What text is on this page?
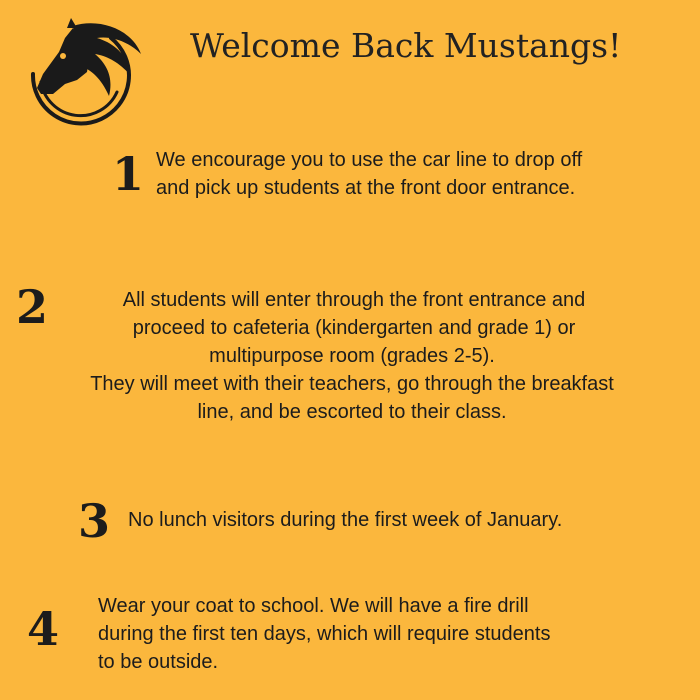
Welcome Back Mustangs!
1 We encourage you to use the car line to drop off
and pick up students at the front door entrance.
2	All students will enter through the front entrance and
proceed to cafeteria (kindergarten and grade 1) or
multipurpose room (grades 2-5).
They will meet with their teachers, go through the breakfast
line, and be escorted to their class.
3 No lunch visitors during the first week of January.
4 Wear your coat to school. We will have a fire drill
during the first ten days, which will require students
to be outside.
